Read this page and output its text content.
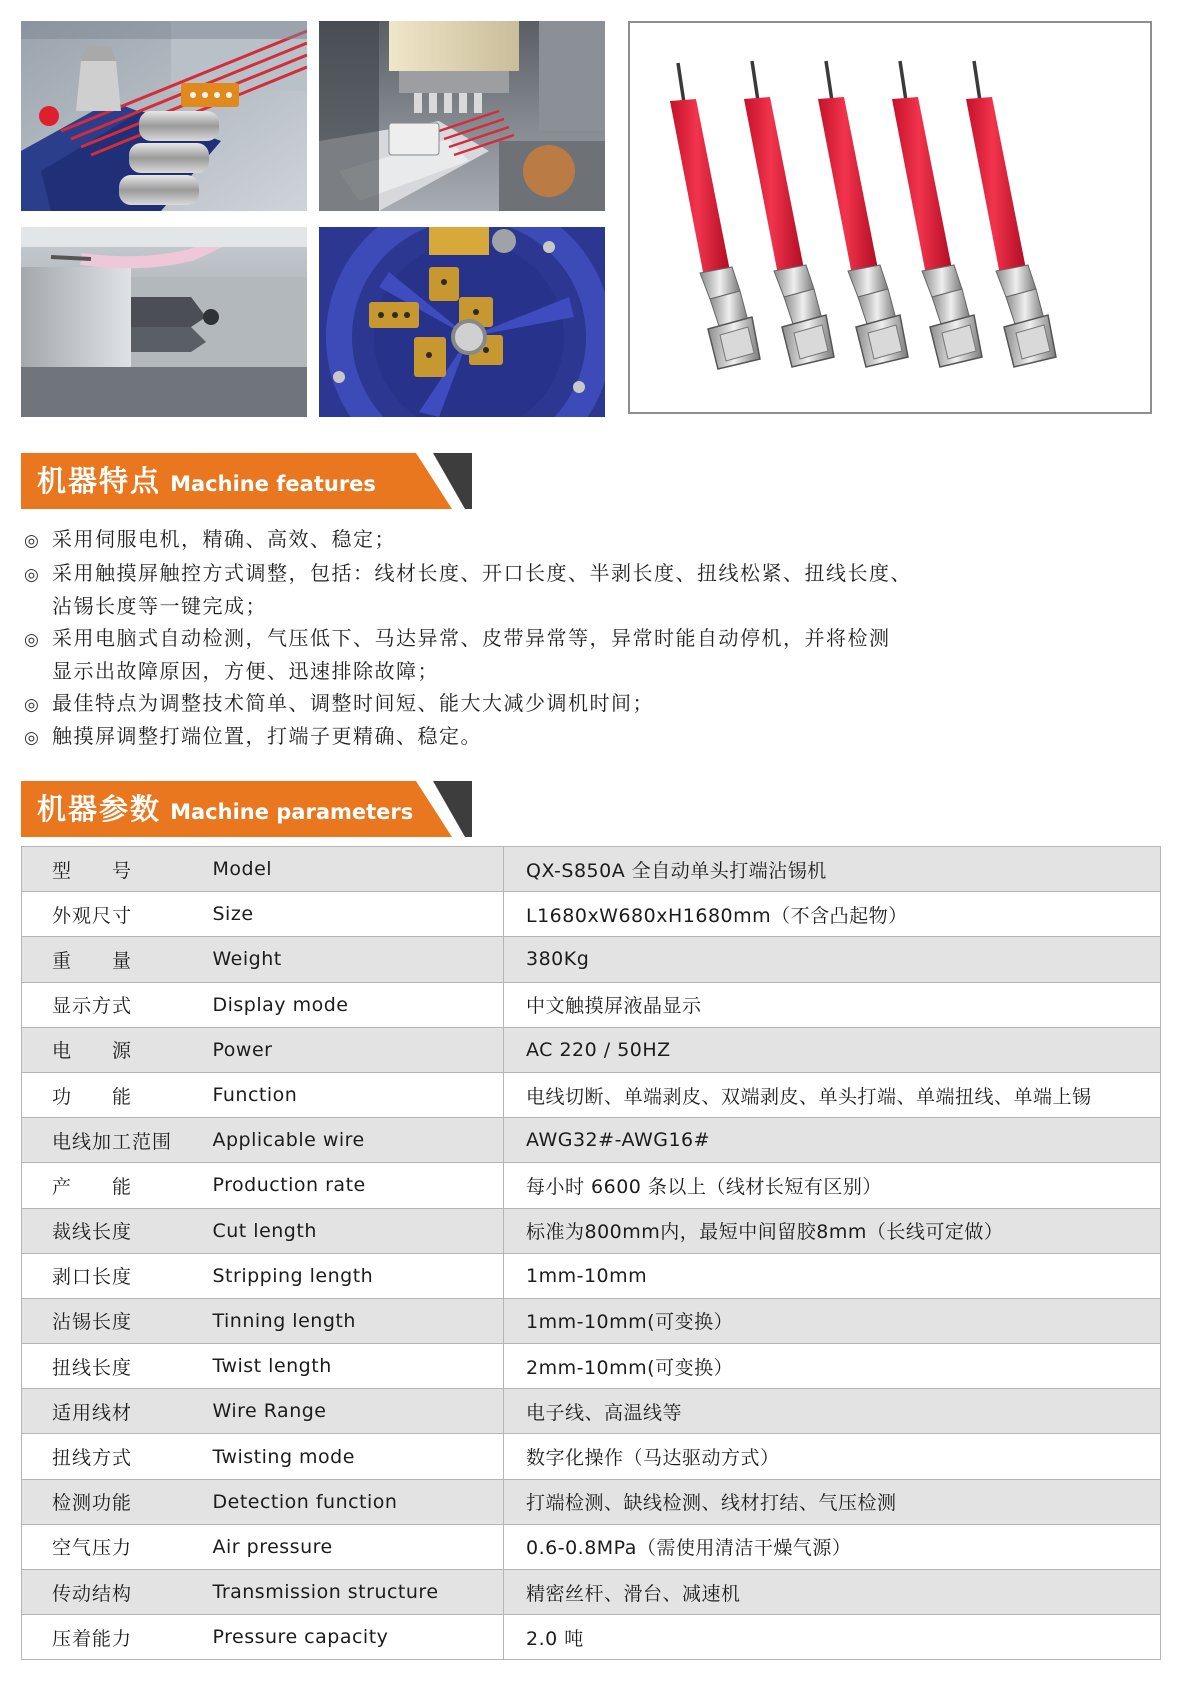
机器特点 Machine features
◎ 采用伺服电机，精确、高效、稳定；
◎ 采用触摸屏触控方式调整，包括：线材长度、开口长度、半剥长度、扭线松紧、扭线长度、
沾锡长度等一键完成；
◎ 采用电脑式自动检测，气压低下、马达异常、皮带异常等，异常时能自动停机，并将检测
显示出故障原因，方便、迅速排除故障；
◎ 最佳特点为调整技术简单、调整时间短、能大大减少调机时间；
◎ 触摸屏调整打端位置，打端子更精确、稳定。
机器参数 Machine parameters
型　　号	Model	QX-S850A 全自动单头打端沾锡机
外观尺寸	Size	L1680xW680xH1680mm（不含凸起物）
重　　量	Weight	380Kg
显示方式	Display mode	中文触摸屏液晶显示
电　　源	Power	AC 220 / 50HZ
功　　能	Function	电线切断、单端剥皮、双端剥皮、单头打端、单端扭线、单端上锡
电线加工范围	Applicable wire	AWG32#-AWG16#
产　　能	Production rate	每小时 6600 条以上（线材长短有区别）
裁线长度	Cut length	标准为800mm内，最短中间留胶8mm（长线可定做）
剥口长度	Stripping length	1mm-10mm
沾锡长度	Tinning length	1mm-10mm(可变换）
扭线长度	Twist length	2mm-10mm(可变换）
适用线材	Wire Range	电子线、高温线等
扭线方式	Twisting mode	数字化操作（马达驱动方式）
检测功能	Detection function	打端检测、缺线检测、线材打结、气压检测
空气压力	Air pressure	0.6-0.8MPa（需使用清洁干燥气源）
传动结构	Transmission structure	精密丝杆、滑台、减速机
压着能力	Pressure capacity	2.0 吨
